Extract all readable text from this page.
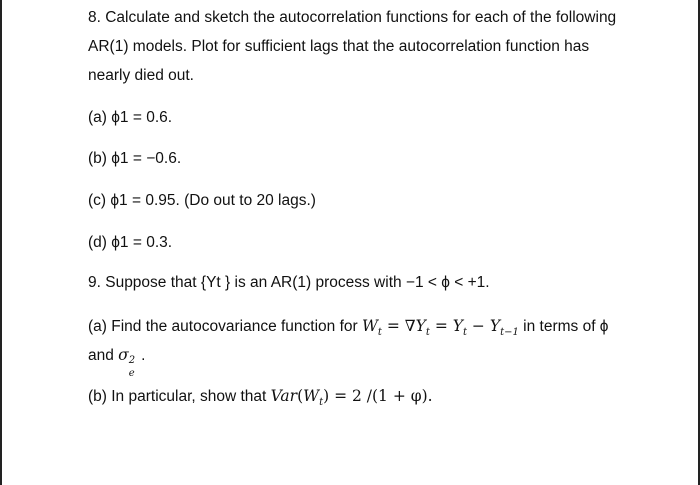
8. Calculate and sketch the autocorrelation functions for each of the following
AR(1) models. Plot for sufficient lags that the autocorrelation function has
nearly died out.
(a) ϕ1 = 0.6.
(b) ϕ1 = −0.6.
(c) ϕ1 = 0.95. (Do out to 20 lags.)
(d) ϕ1 = 0.3.
9. Suppose that {Yt } is an AR(1) process with −1 < ϕ < +1.
(a) Find the autocovariance function for $W_t = \nabla Y_t = Y_t - Y_{t-1}$ in terms of ϕ
and σ 2
e
.
(b) In particular, show that $Var(W_t) = 2$ /(1 + φ).
